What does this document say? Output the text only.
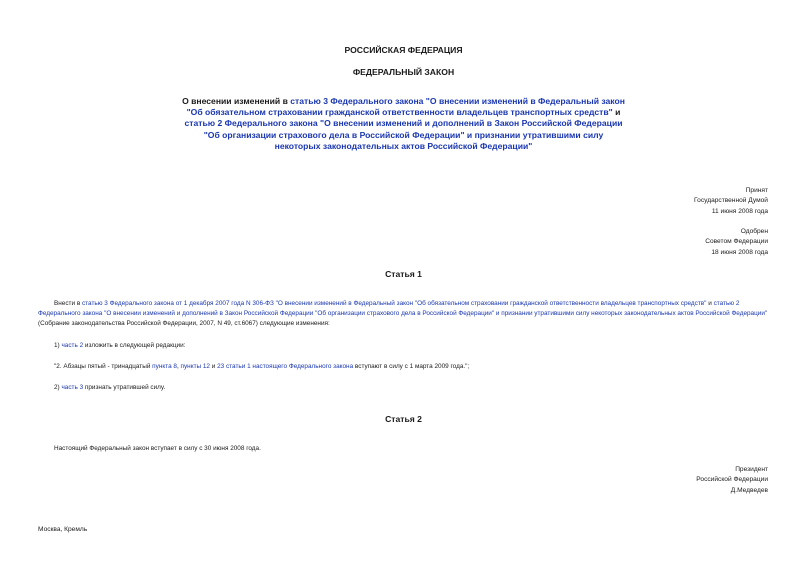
РОССИЙСКАЯ ФЕДЕРАЦИЯ
ФЕДЕРАЛЬНЫЙ ЗАКОН
О внесении изменений в статью 3 Федерального закона "О внесении изменений в Федеральный закон "Об обязательном страховании гражданской ответственности владельцев транспортных средств" и статью 2 Федерального закона "О внесении изменений и дополнений в Закон Российской Федерации "Об организации страхового дела в Российской Федерации" и признании утратившими силу некоторых законодательных актов Российской Федерации"
Принят
Государственной Думой
11 июня 2008 года
Одобрен
Советом Федерации
18 июня 2008 года
Статья 1
Внести в статью 3 Федерального закона от 1 декабря 2007 года N 306-ФЗ "О внесении изменений в Федеральный закон "Об обязательном страховании гражданской ответственности владельцев транспортных средств" и статью 2 Федерального закона "О внесении изменений и дополнений в Закон Российской Федерации "Об организации страхового дела в Российской Федерации" и признании утратившими силу некоторых законодательных актов Российской Федерации" (Собрание законодательства Российской Федерации, 2007, N 49, ст.6067) следующие изменения:
1) часть 2 изложить в следующей редакции:
"2. Абзацы пятый - тринадцатый пункта 8, пункты 12 и 23 статьи 1 настоящего Федерального закона вступают в силу с 1 марта 2009 года.";
2) часть 3 признать утратившей силу.
Статья 2
Настоящий Федеральный закон вступает в силу с 30 июня 2008 года.
Президент
Российской Федерации
Д.Медведев
Москва, Кремль
